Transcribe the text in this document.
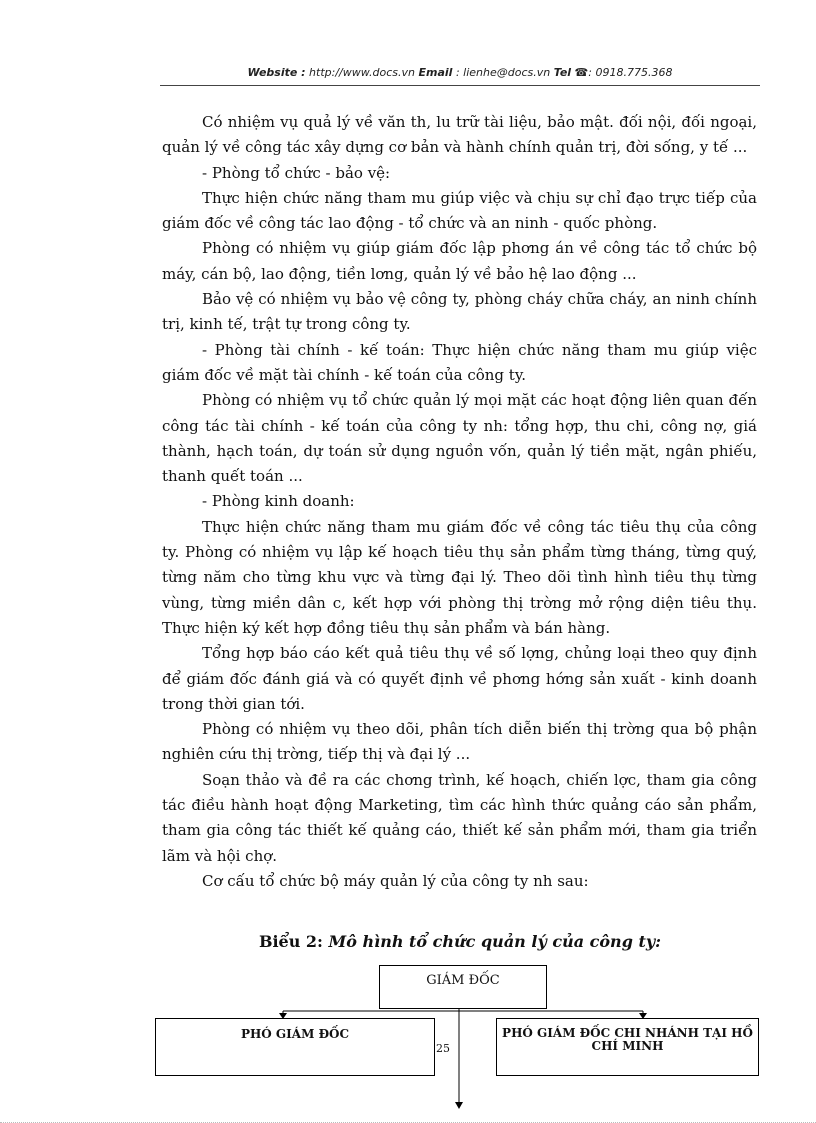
Website : http://www.docs.vn Email : lienhe@docs.vn Tel ☎: 0918.775.368

Có nhiệm vụ quả lý về văn th, lu trữ tài liệu, bảo mật. đối nội, đối ngoại, quản lý về công tác xây dựng cơ bản và hành chính quản trị, đời sống, y tế ...

- Phòng tổ chức - bảo vệ:

Thực hiện chức năng tham mu giúp việc và chịu sự chỉ đạo trực tiếp của giám đốc về công tác lao động - tổ chức và an ninh - quốc phòng.

Phòng có nhiệm vụ giúp giám đốc lập phơng án về công tác tổ chức bộ máy, cán bộ, lao động, tiền lơng, quản lý về bảo hệ lao động ...

Bảo vệ có nhiệm vụ bảo vệ công ty, phòng cháy chữa cháy, an ninh chính trị, kinh tế, trật tự trong công ty.

- Phòng tài chính - kế toán: Thực hiện chức năng tham mu giúp việc giám đốc về mặt tài chính - kế toán của công ty.

Phòng có nhiệm vụ tổ chức quản lý mọi mặt các hoạt động liên quan đến công tác tài chính - kế toán của công ty nh: tổng hợp, thu chi, công nợ, giá thành, hạch toán, dự toán sử dụng nguồn vốn, quản lý tiền mặt, ngân phiếu, thanh quết toán ...

- Phòng kinh doanh:

Thực hiện chức năng tham mu giám đốc về công tác tiêu thụ của công ty. Phòng có nhiệm vụ lập kế hoạch tiêu thụ sản phẩm từng tháng, từng quý, từng năm cho từng khu vực và từng đại lý. Theo dõi tình hình tiêu thụ từng vùng, từng miền dân c, kết hợp với phòng thị trờng mở rộng diện tiêu thụ. Thực hiện ký kết hợp đồng tiêu thụ sản phẩm và bán hàng.

Tổng hợp báo cáo kết quả tiêu thụ về số lợng, chủng loại theo quy định để giám đốc đánh giá và có quyết định về phơng hớng sản xuất - kinh doanh trong thời gian tới.

Phòng có nhiệm vụ theo dõi, phân tích diễn biến thị trờng qua bộ phận nghiên cứu thị trờng, tiếp thị và đại lý ...

Soạn thảo và đề ra các chơng trình, kế hoạch, chiến lợc, tham gia công tác điều hành hoạt động Marketing, tìm các hình thức quảng cáo sản phẩm, tham gia công tác thiết kế quảng cáo, thiết kế sản phẩm mới, tham gia triển lãm và hội chợ.

Cơ cấu tổ chức bộ máy quản lý của công ty nh sau:

Biểu 2: Mô hình tổ chức quản lý của công ty:
GIÁM ĐỐC
PHÓ GIÁM ĐỐC	PHÓ GIÁM ĐỐC CHI NHÁNH TẠI HỒ CHÍ MINH
25
